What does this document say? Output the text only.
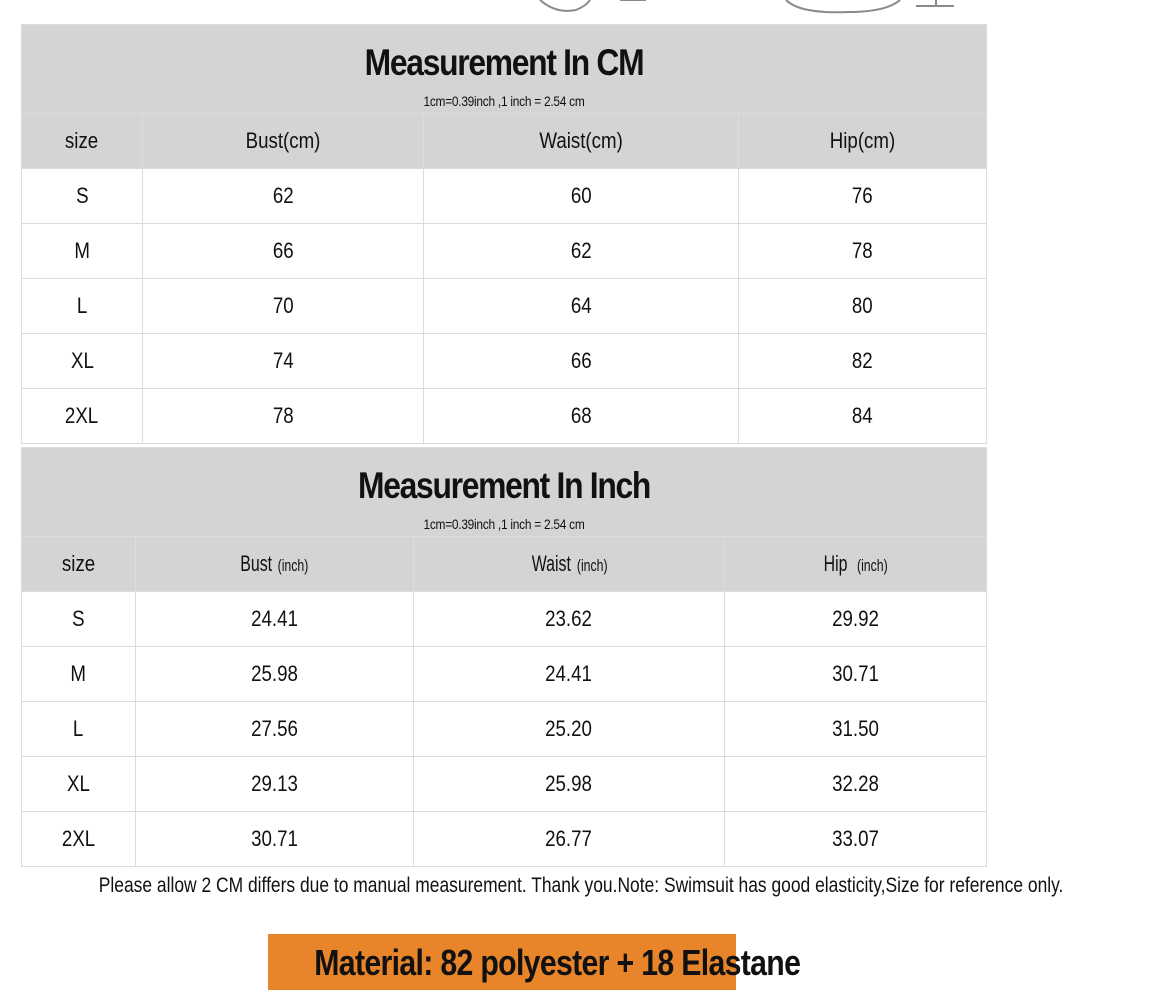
Measurement In CM
1cm=0.39inch ,1 inch = 2.54 cm			

size	Bust(cm)	Waist(cm)	Hip(cm)
S	62	60	76
M	66	62	78
L	70	64	80
XL	74	66	82
2XL	78	68	84
Measurement In Inch
1cm=0.39inch ,1 inch = 2.54 cm			

size	Bust (inch)	Waist (inch)	Hip (inch)
S	24.41	23.62	29.92
M	25.98	24.41	30.71
L	27.56	25.20	31.50
XL	29.13	25.98	32.28
2XL	30.71	26.77	33.07
Please allow 2 CM differs due to manual measurement. Thank you.Note: Swimsuit has good elasticity,Size for reference only.
Material: 82 polyester + 18 Elastane
